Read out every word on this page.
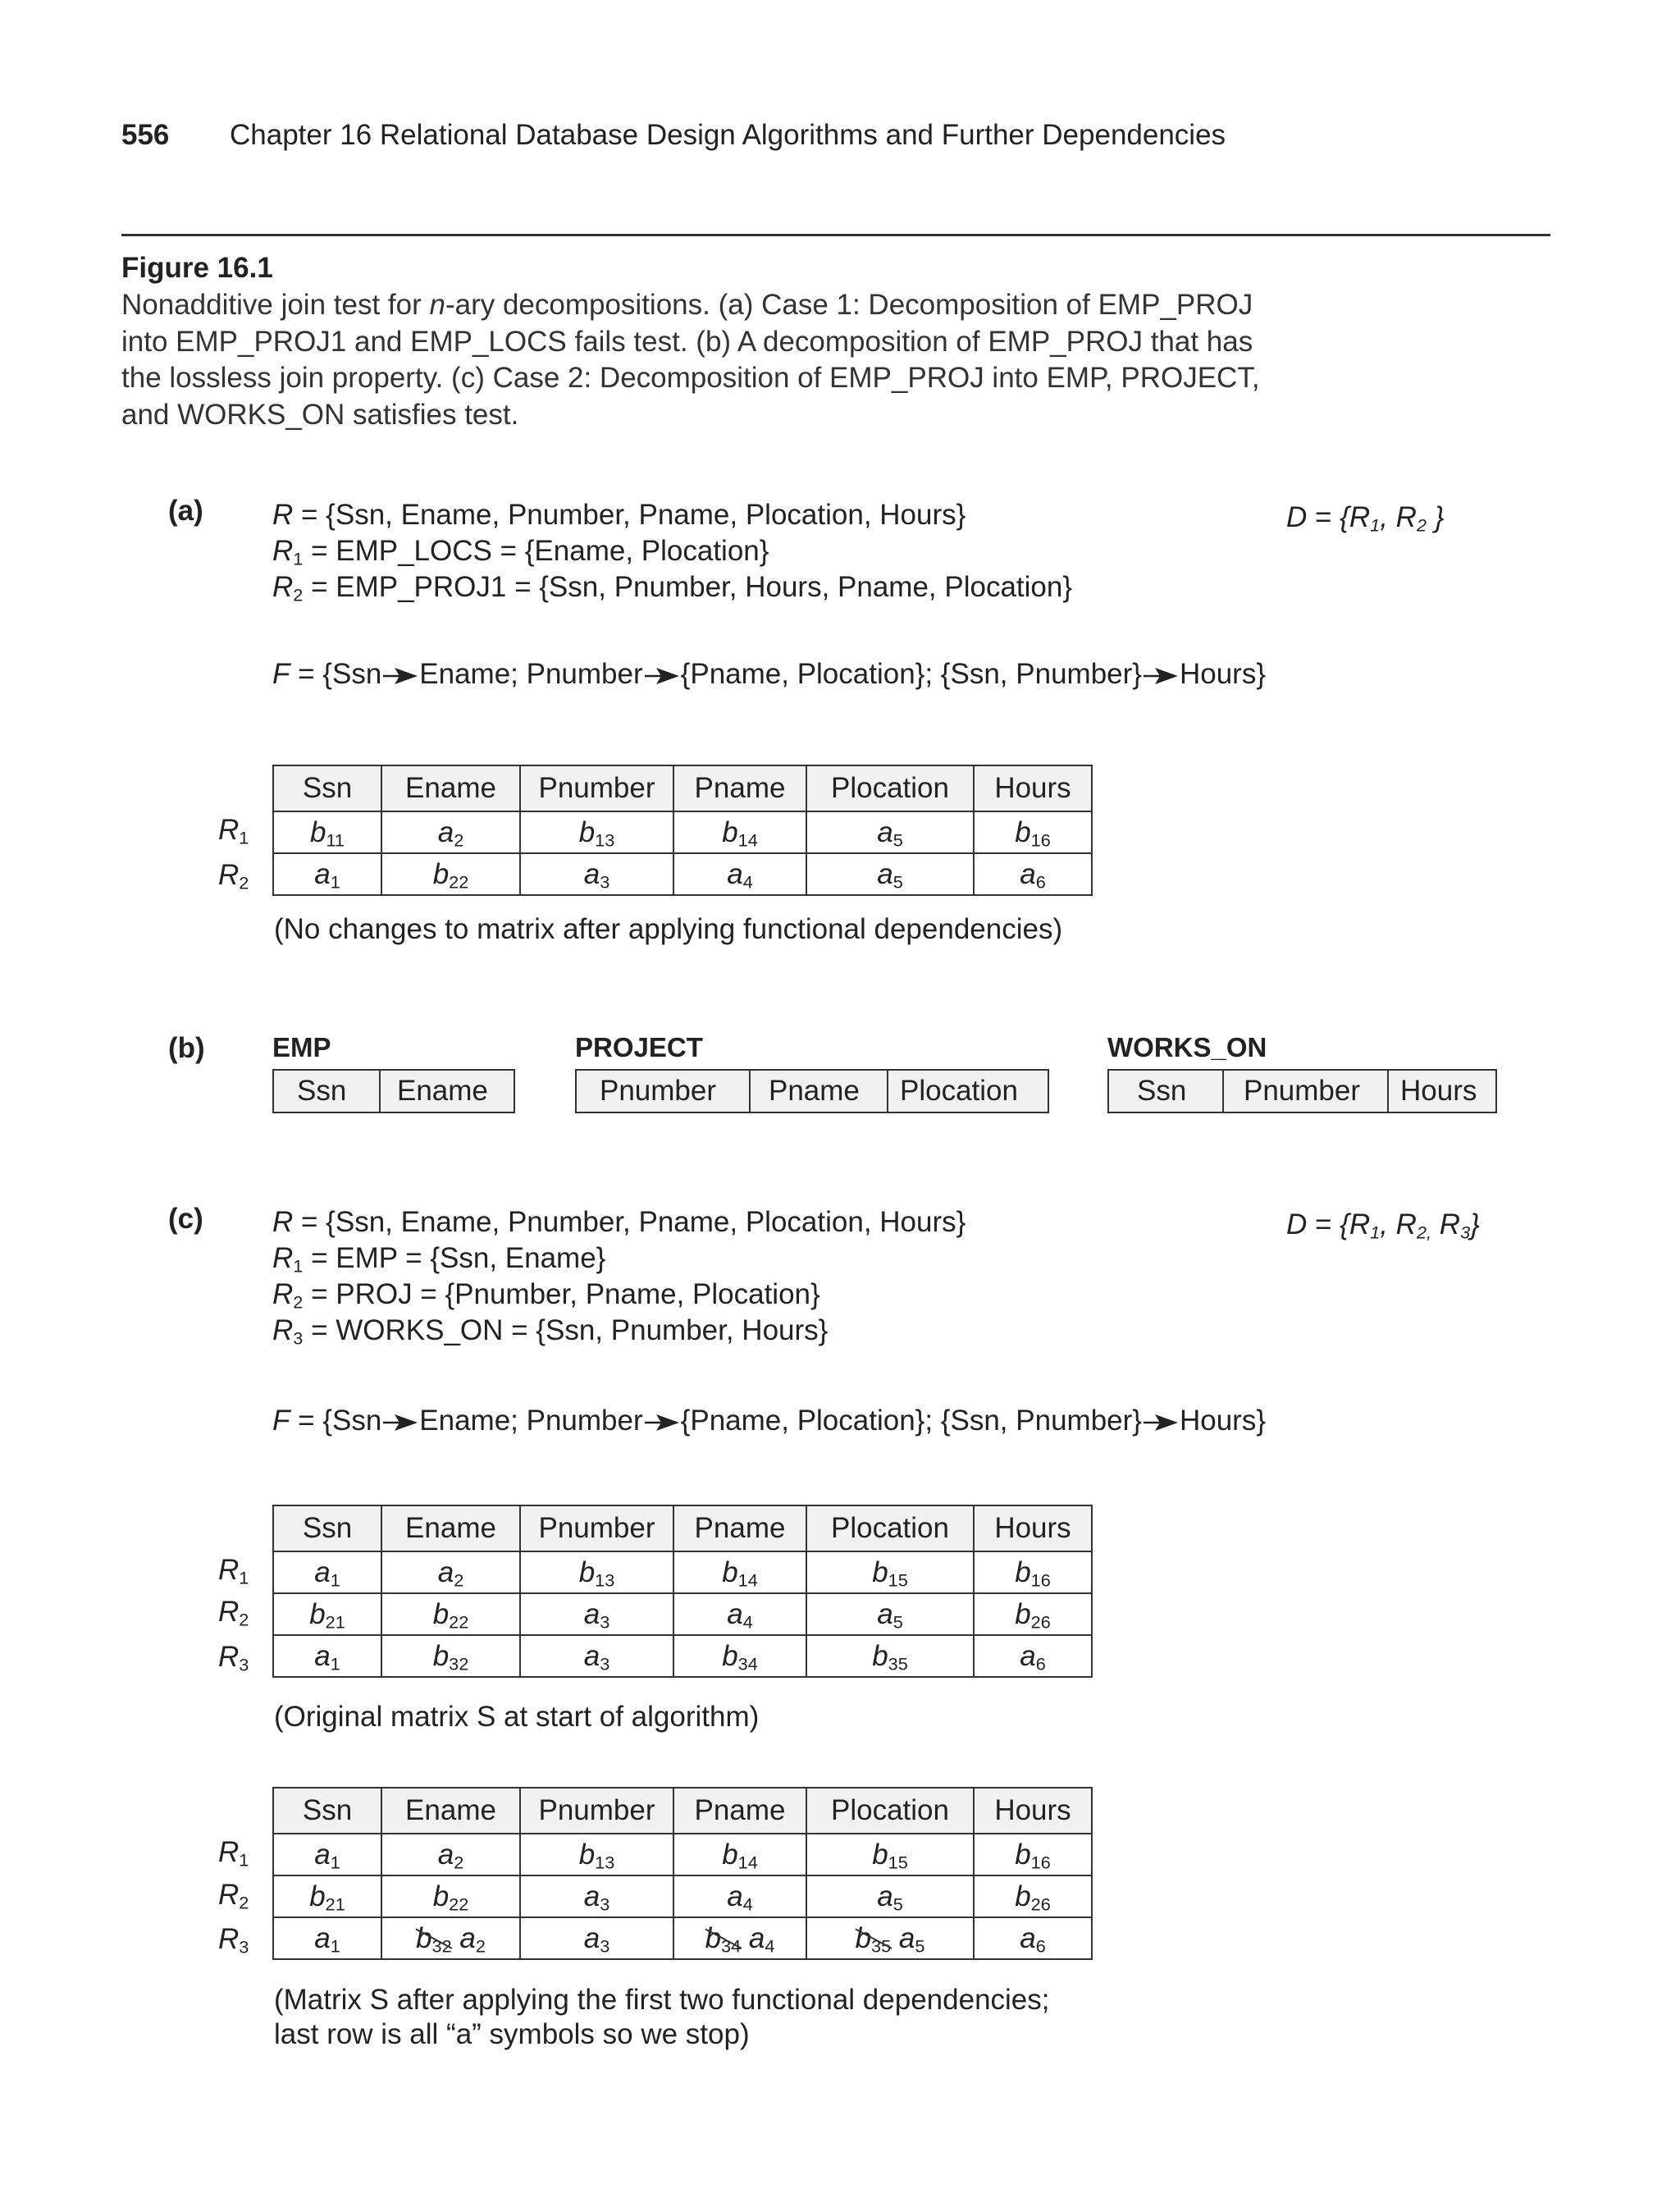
556 Chapter 16 Relational Database Design Algorithms and Further Dependencies
Figure 16.1
Nonadditive join test for n-ary decompositions. (a) Case 1: Decomposition of EMP_PROJ into EMP_PROJ1 and EMP_LOCS fails test. (b) A decomposition of EMP_PROJ that has the lossless join property. (c) Case 2: Decomposition of EMP_PROJ into EMP, PROJECT, and WORKS_ON satisfies test.
(a) R = {Ssn, Ename, Pnumber, Pname, Plocation, Hours}
$R_1$ = EMP_LOCS = {Ename, Plocation}
$R_2$ = EMP_PROJ1 = {Ssn, Pnumber, Hours, Pname, Plocation}
$D = \{R_1$, $R_2$ }
F = {Ssn Ename; Pnumber {Pname, Plocation}; {Ssn, Pnumber} Hours}
$R_1$
$R_2$
Ssn	Ename	Pnumber	Pname	Plocation	Hours
$b_{11}$	$a_2$	$b_{13}$	$b_{14}$	$a_5$	$b_{16}$
$a_1$	$b_{22}$	$a_3$	$a_4$	$a_5$	$a_6$
(No changes to matrix after applying functional dependencies)
(b) EMP
Ssn	Ename
PROJECT
Pnumber	Pname	Plocation
WORKS_ON
Ssn	Pnumber	Hours
(c) R = {Ssn, Ename, Pnumber, Pname, Plocation, Hours}
$R_1$ = EMP = {Ssn, Ename}
$R_2$ = PROJ = {Pnumber, Pname, Plocation}
$R_3$ = WORKS_ON = {Ssn, Pnumber, Hours}
$D = \{R_1$, $R_{2,}$ $R_3$}
F = {Ssn Ename; Pnumber {Pname, Plocation}; {Ssn, Pnumber} Hours}
$R_1$
$R_2$
$R_3$
Ssn	Ename	Pnumber	Pname	Plocation	Hours
$a_1$	$a_2$	$b_{13}$	$b_{14}$	$b_{15}$	$b_{16}$
$b_{21}$	$b_{22}$	$a_3$	$a_4$	$a_5$	$b_{26}$
$a_1$	$b_{32}$	$a_3$	$b_{34}$	$b_{35}$	$a_6$
(Original matrix S at start of algorithm)
$R_1$
$R_2$
$R_3$
Ssn	Ename	Pnumber	Pname	Plocation	Hours
$a_1$	$a_2$	$b_{13}$	$b_{14}$	$b_{15}$	$b_{16}$
$b_{21}$	$b_{22}$	$a_3$	$a_4$	$a_5$	$b_{26}$
$a_1$	$b_{32}$ $a_2$	$a_3$	$b_{34}$ $a_4$	$b_{35}$ $a_5$	$a_6$
(Matrix S after applying the first two functional dependencies;
last row is all “a” symbols so we stop)
